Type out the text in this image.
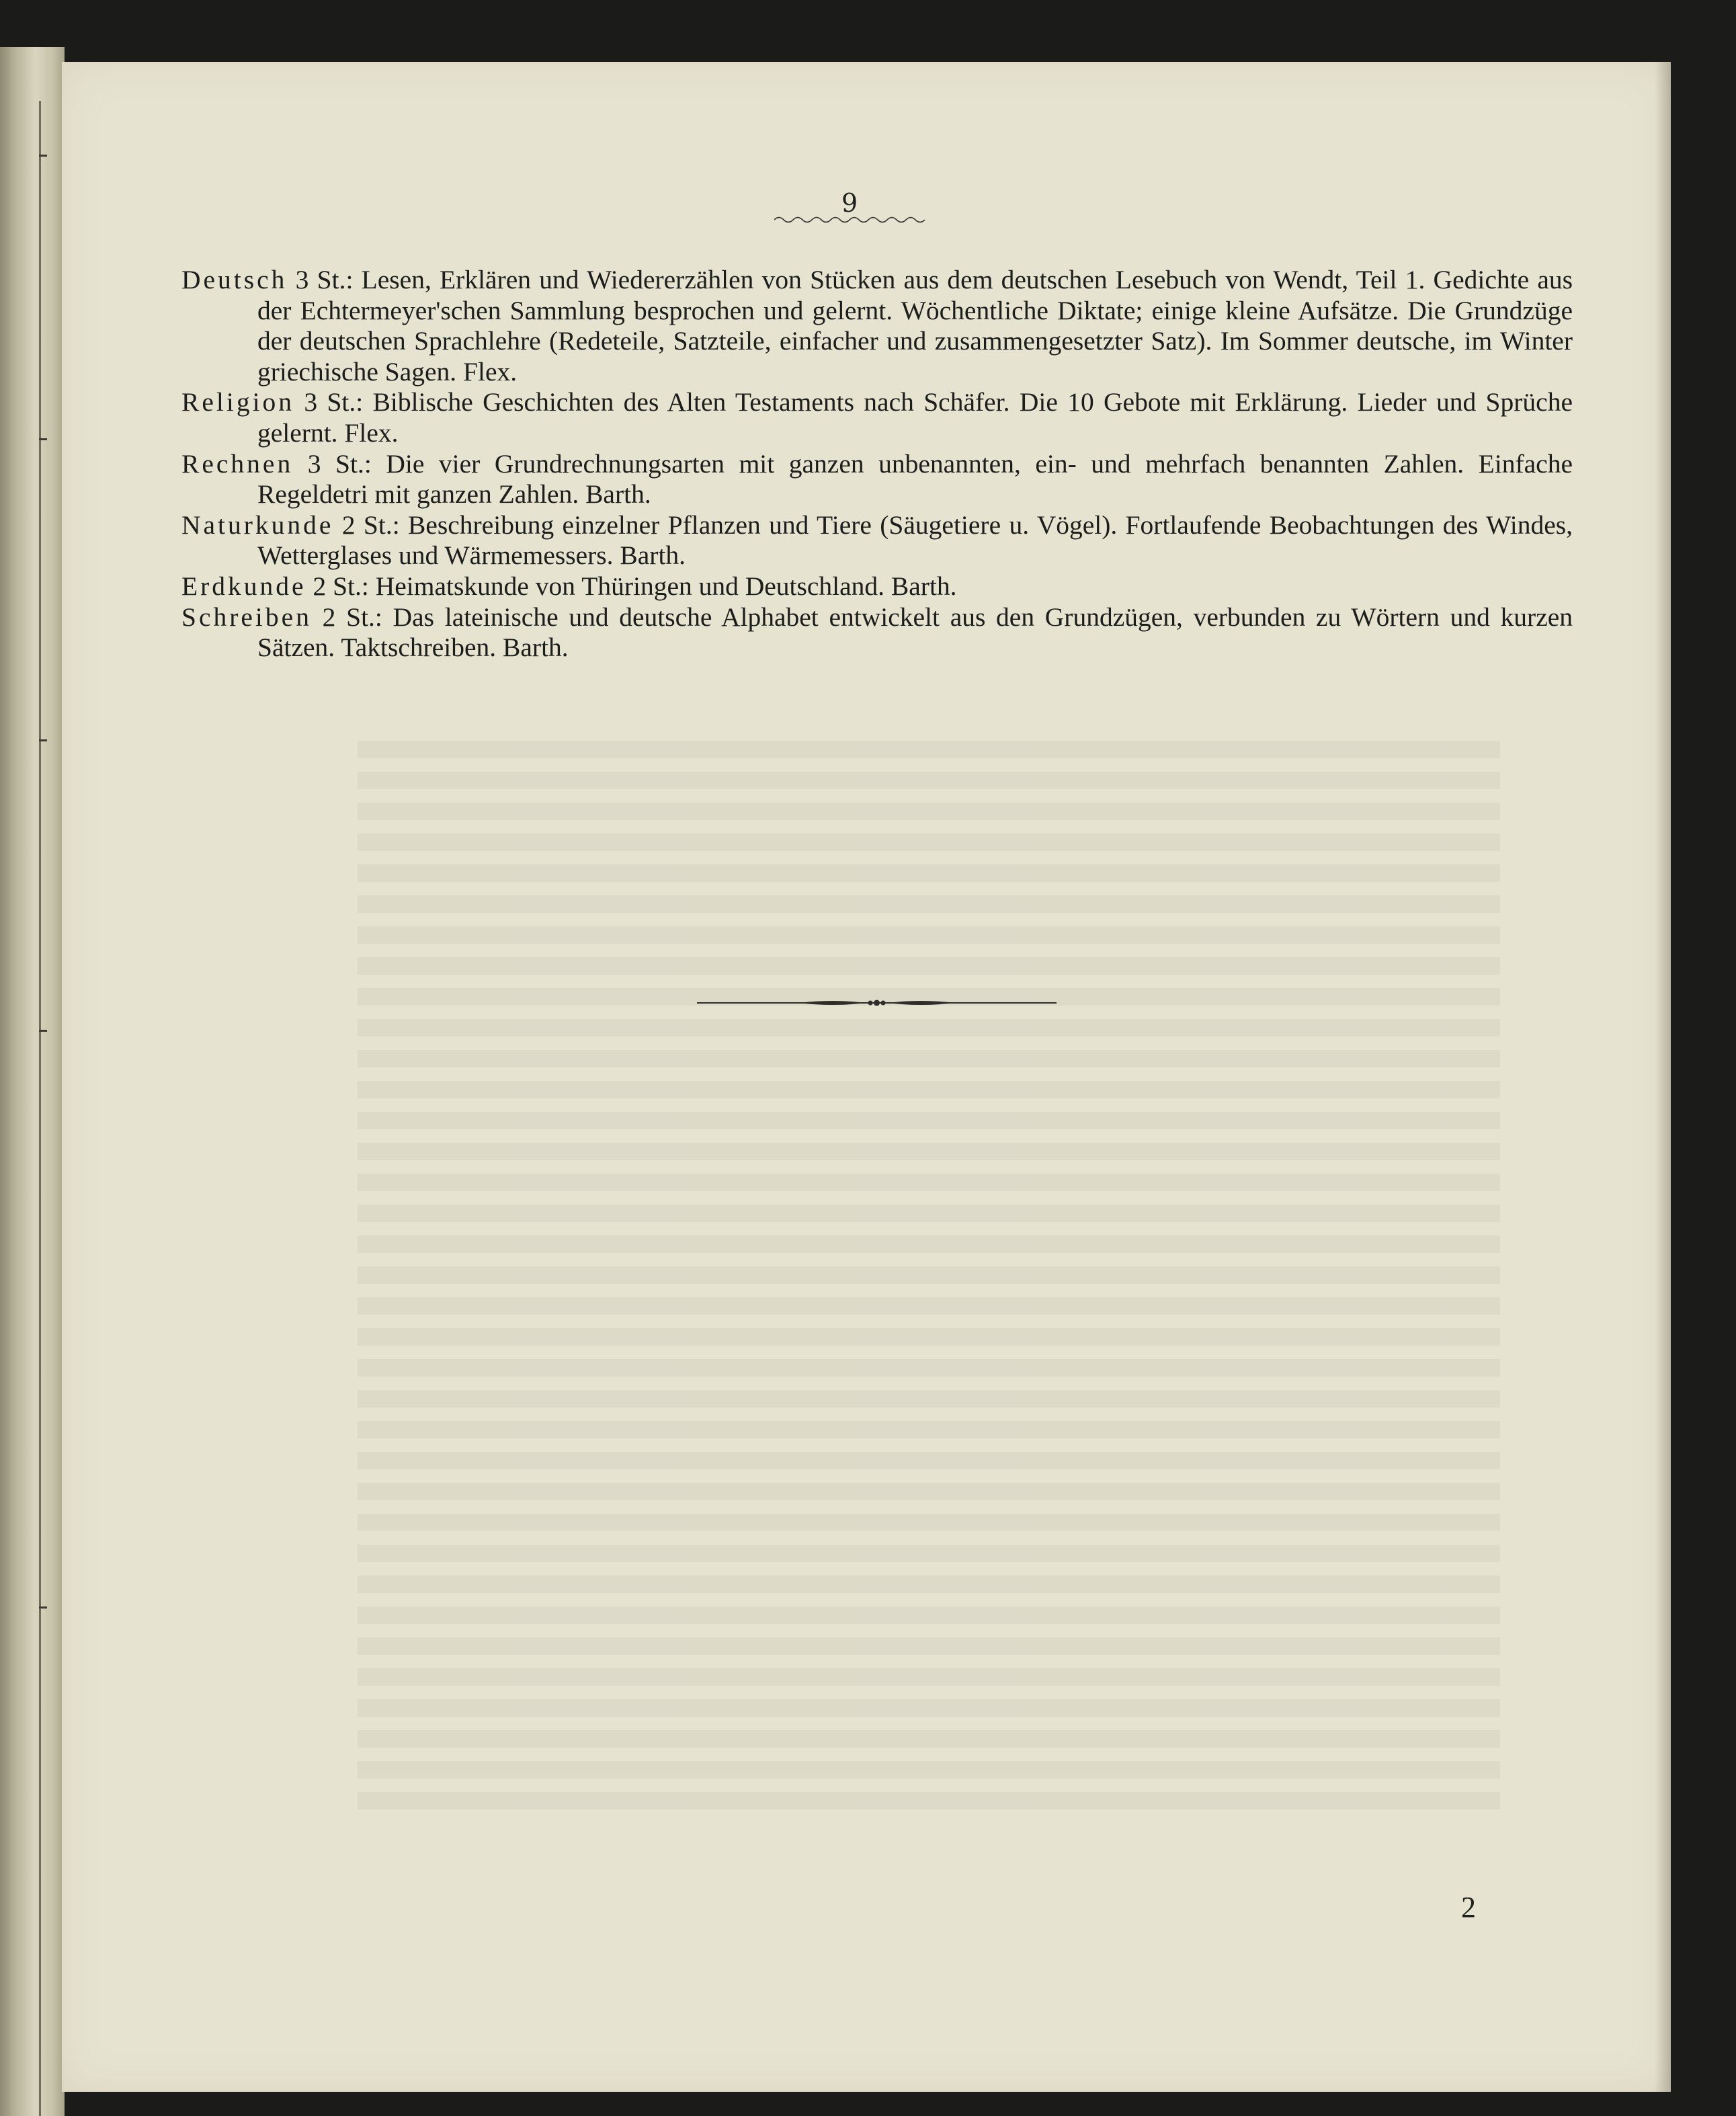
9

Deutsch 3 St.: Lesen, Erklären und Wiedererzählen von Stücken aus dem deutschen Lesebuch von Wendt, Teil 1. Gedichte aus der Echtermeyer'schen Sammlung besprochen und gelernt. Wöchentliche Diktate; einige kleine Aufsätze. Die Grundzüge der deutschen Sprachlehre (Redeteile, Satzteile, einfacher und zusammengesetzter Satz). Im Sommer deutsche, im Winter griechische Sagen. Flex.

Religion 3 St.: Biblische Geschichten des Alten Testaments nach Schäfer. Die 10 Gebote mit Erklärung. Lieder und Sprüche gelernt. Flex.

Rechnen 3 St.: Die vier Grundrechnungsarten mit ganzen unbenannten, ein- und mehrfach benannten Zahlen. Einfache Regeldetri mit ganzen Zahlen. Barth.

Naturkunde 2 St.: Beschreibung einzelner Pflanzen und Tiere (Säugetiere u. Vögel). Fortlaufende Beobachtungen des Windes, Wetterglases und Wärmemessers. Barth.

Erdkunde 2 St.: Heimatskunde von Thüringen und Deutschland. Barth.

Schreiben 2 St.: Das lateinische und deutsche Alphabet entwickelt aus den Grundzügen, verbunden zu Wörtern und kurzen Sätzen. Taktschreiben. Barth.

2
